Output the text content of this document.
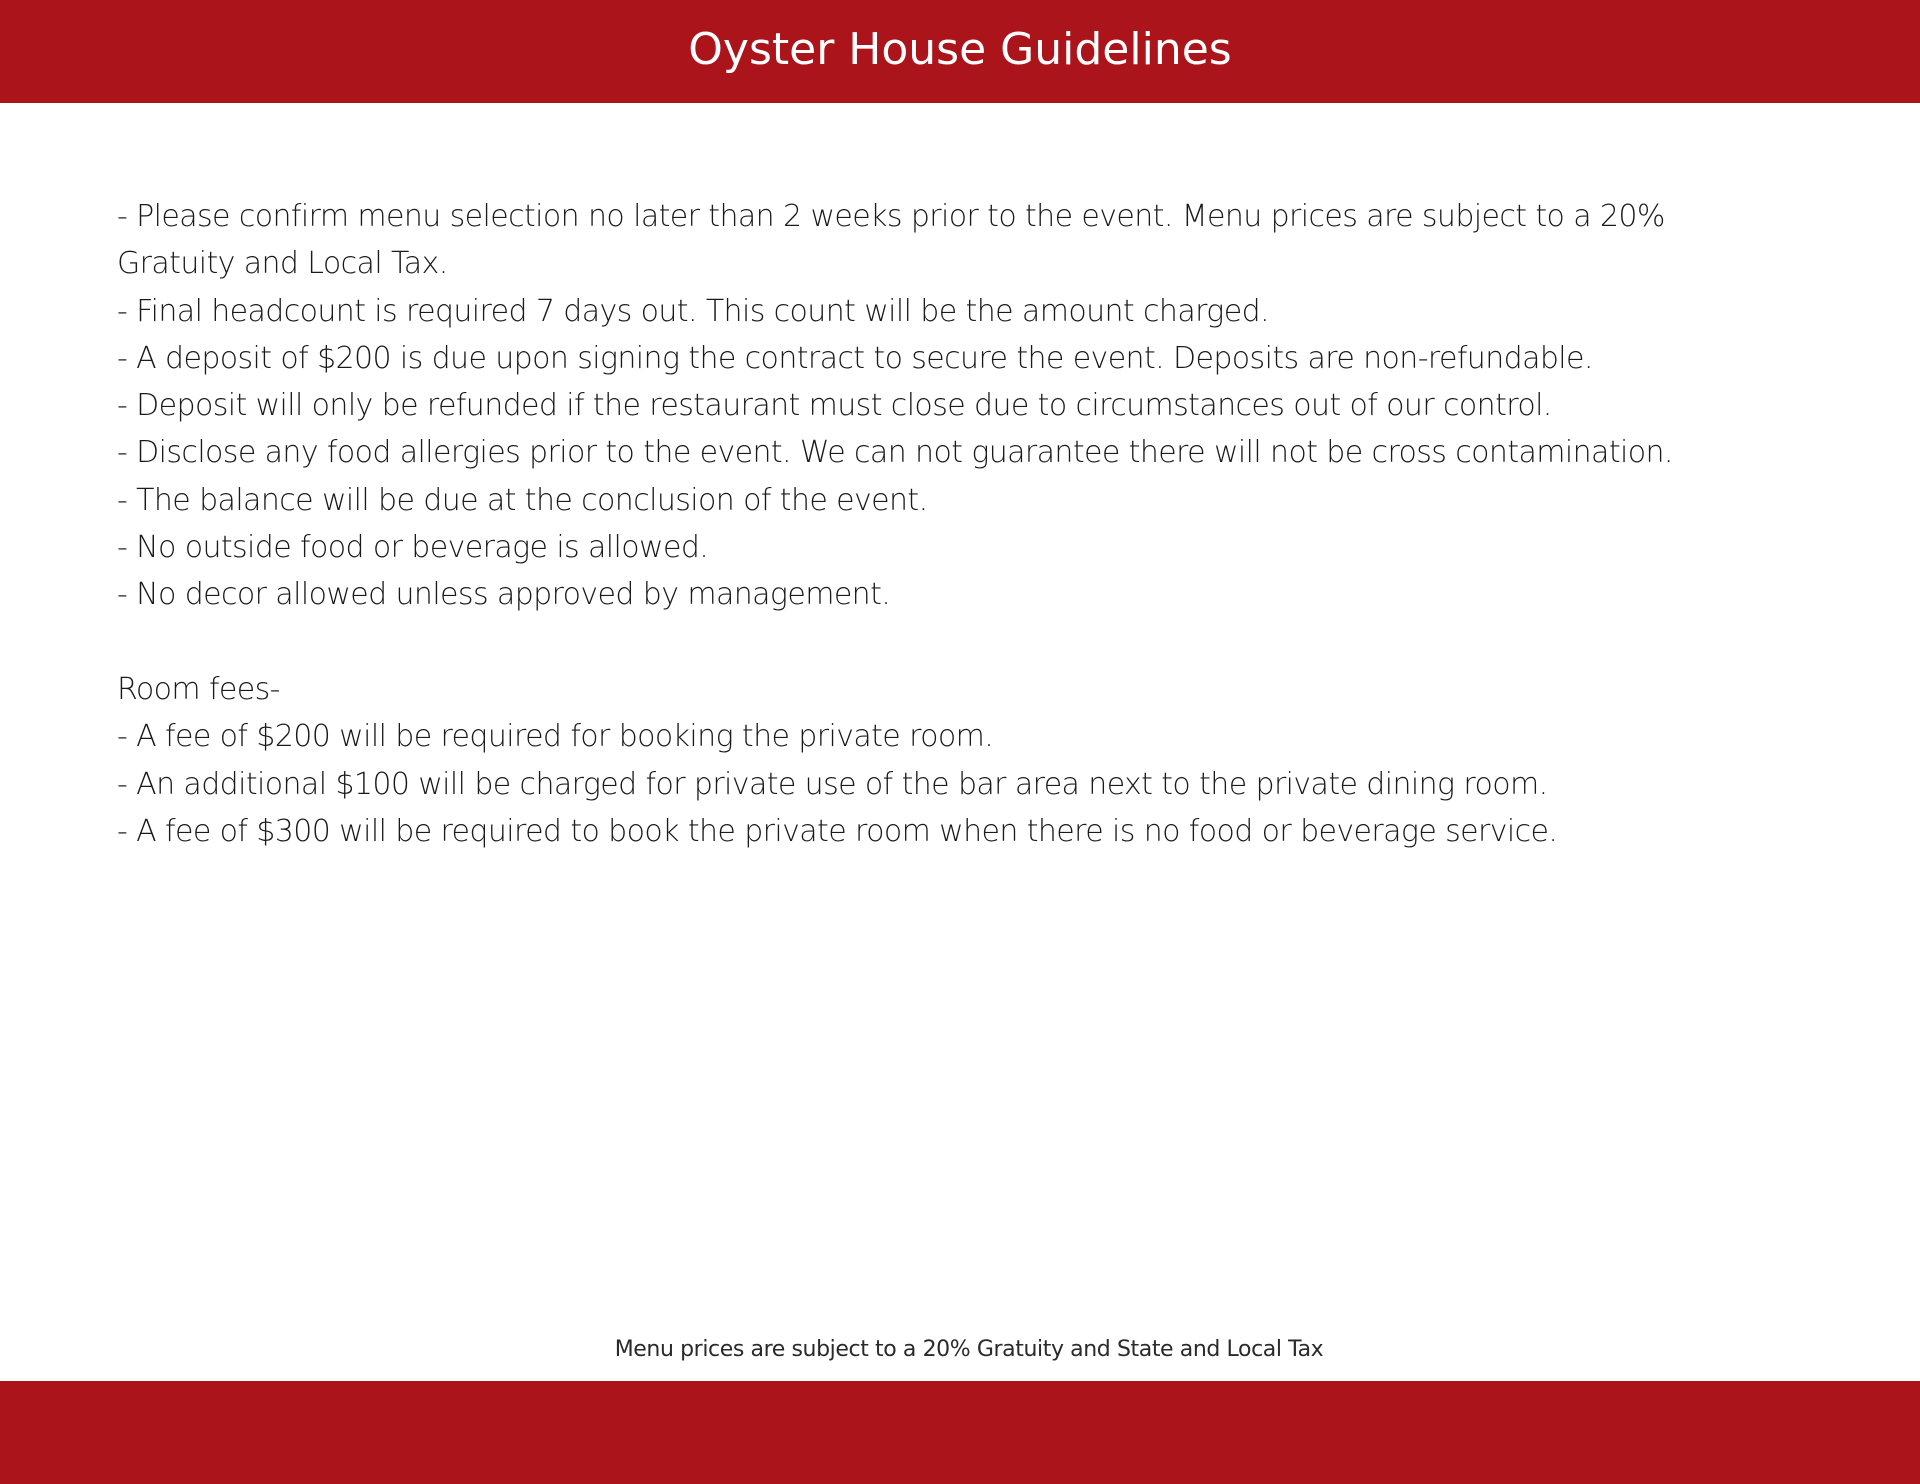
Oyster House Guidelines
- Please confirm menu selection no later than 2 weeks prior to the event. Menu prices are subject to a 20%
Gratuity and Local Tax.
- Final headcount is required 7 days out. This count will be the amount charged.
- A deposit of $200 is due upon signing the contract to secure the event. Deposits are non-refundable.
- Deposit will only be refunded if the restaurant must close due to circumstances out of our control.
- Disclose any food allergies prior to the event. We can not guarantee there will not be cross contamination.
- The balance will be due at the conclusion of the event.
- No outside food or beverage is allowed.
- No decor allowed unless approved by management.
Room fees-
- A fee of $200 will be required for booking the private room.
- An additional $100 will be charged for private use of the bar area next to the private dining room.
- A fee of $300 will be required to book the private room when there is no food or beverage service.
Menu prices are subject to a 20% Gratuity and State and Local Tax
